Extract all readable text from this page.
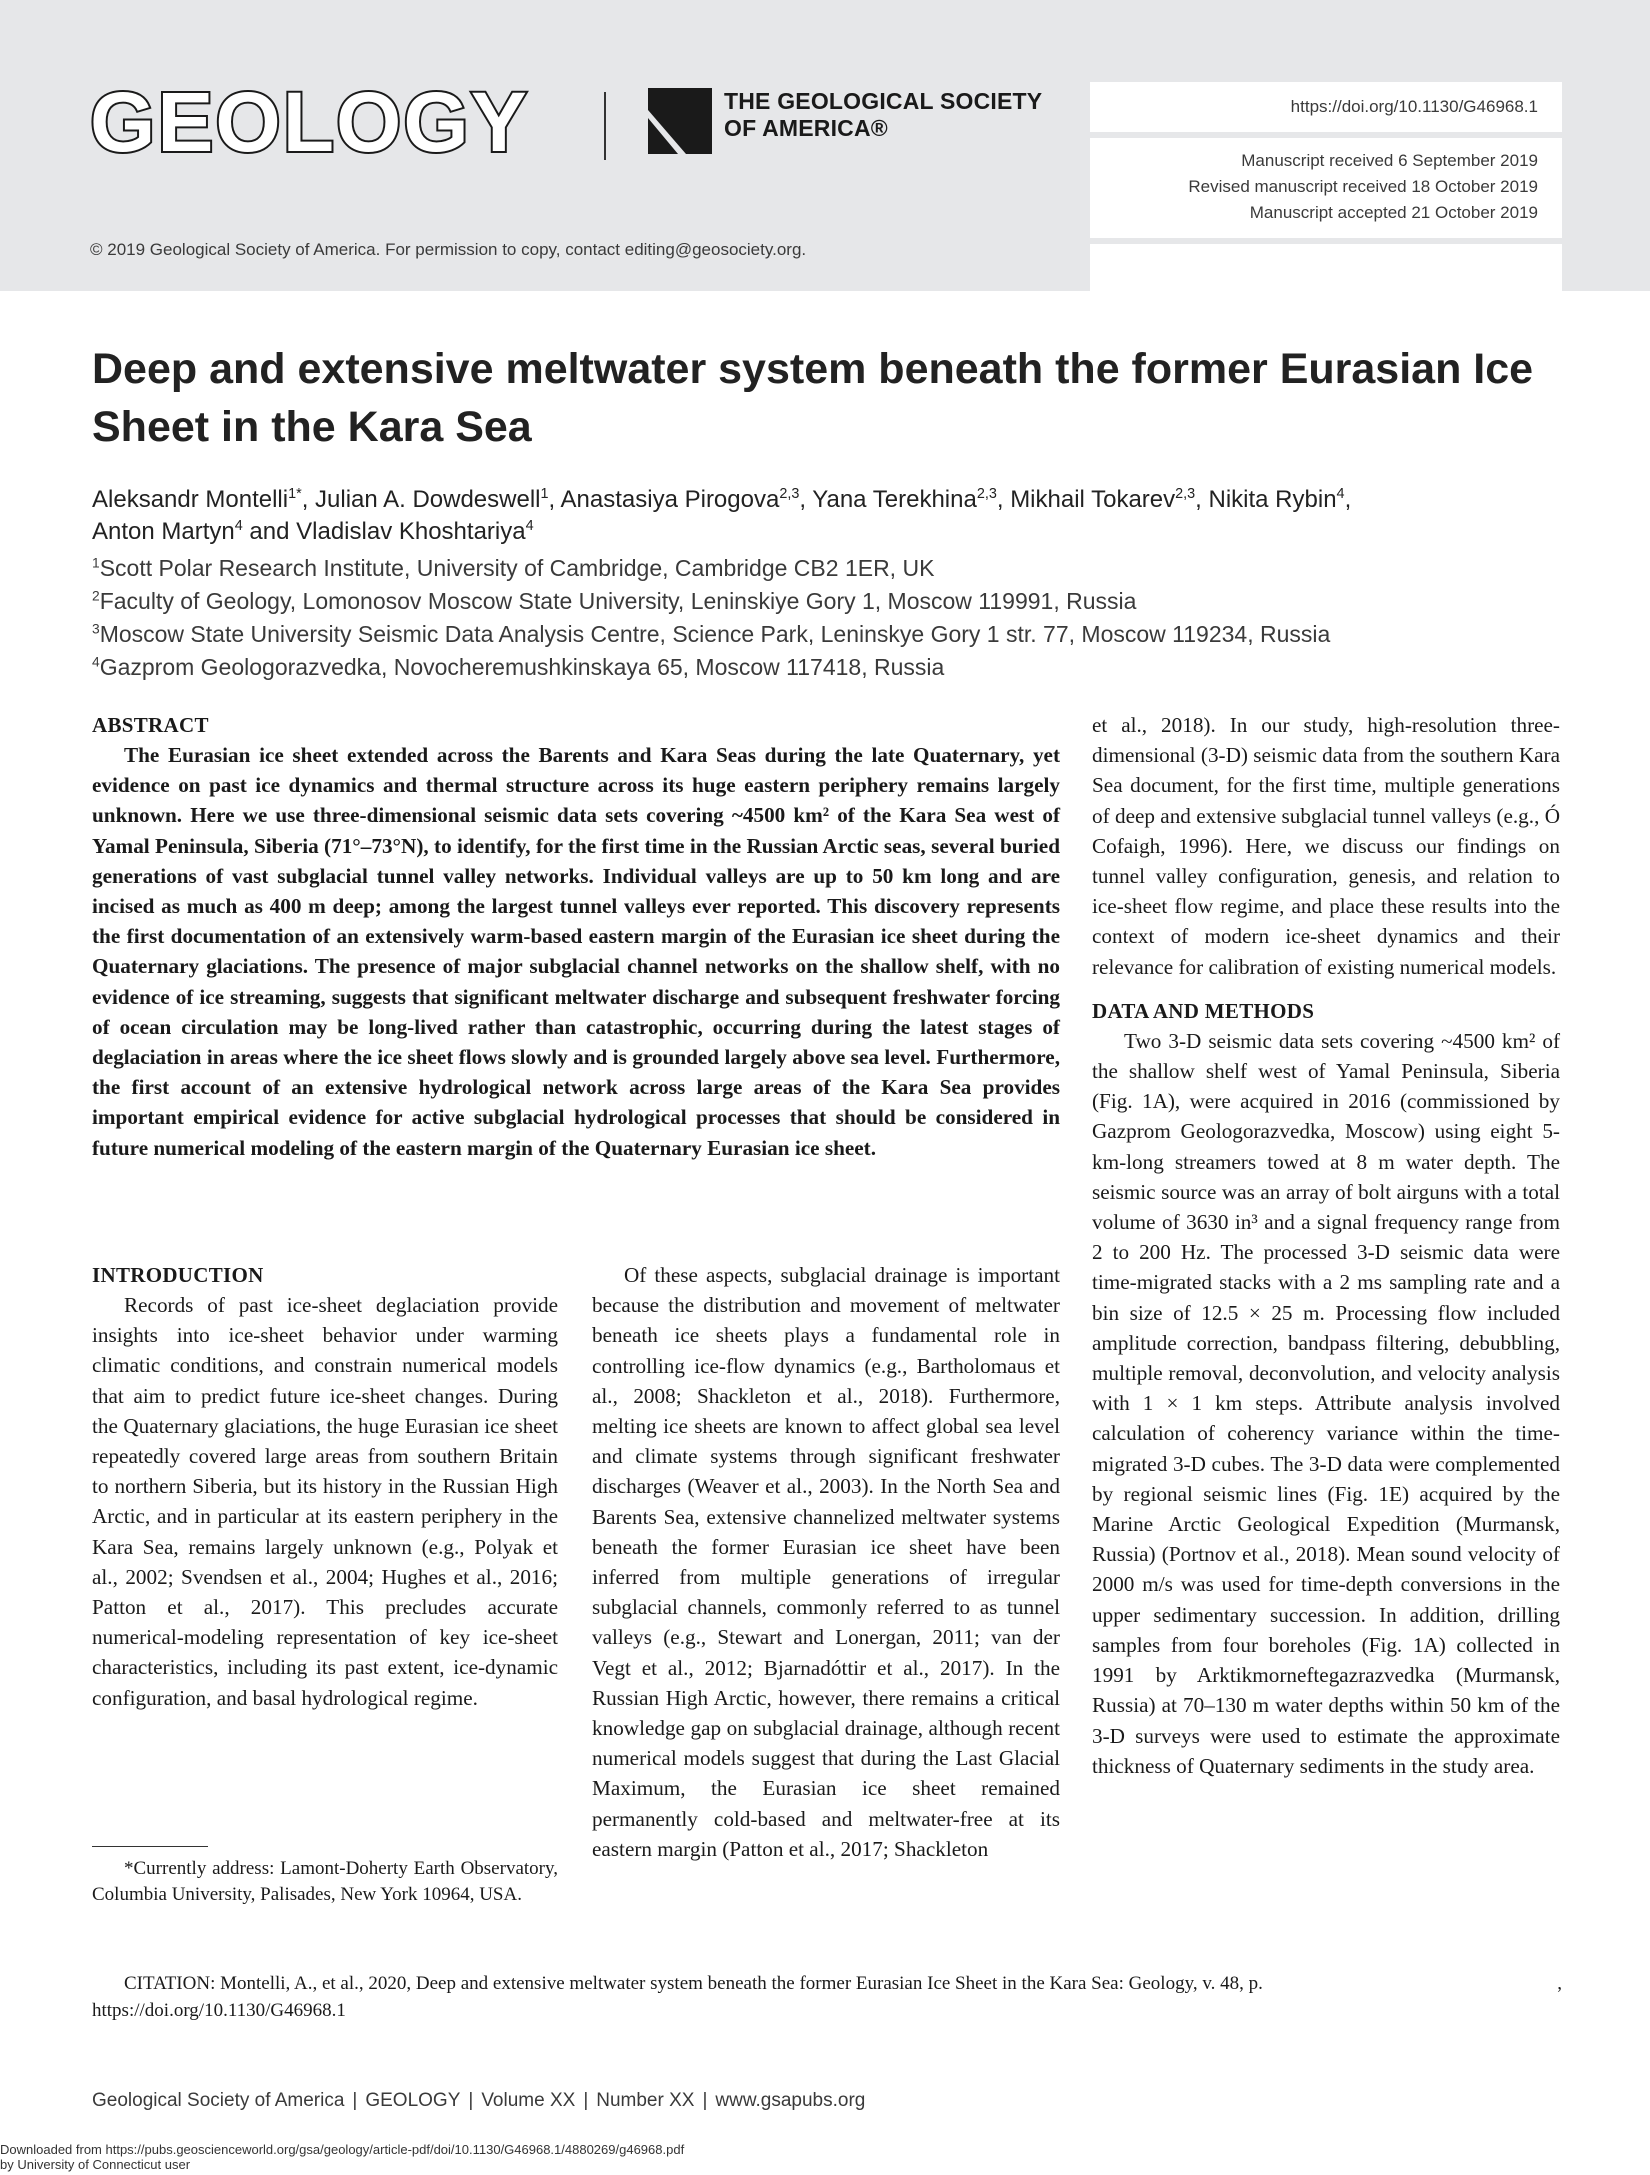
GEOLOGY	THE GEOLOGICAL SOCIETY
OF AMERICA®
© 2019 Geological Society of America. For permission to copy, contact editing@geosociety.org.
https://doi.org/10.1130/G46968.1
Manuscript received 6 September 2019
Revised manuscript received 18 October 2019
Manuscript accepted 21 October 2019
Deep and extensive meltwater system beneath the former Eurasian Ice Sheet in the Kara Sea
Aleksandr Montelli$^{1*}$, Julian A. Dowdeswell$^1$, Anastasiya Pirogova$^{2,3}$, Yana Terekhina$^{2,3}$, Mikhail Tokarev$^{2,3}$, Nikita Rybin$^4$,
Anton Martyn$^4$ and Vladislav Khoshtariya$^4$
$^1$Scott Polar Research Institute, University of Cambridge, Cambridge CB2 1ER, UK
$^2$Faculty of Geology, Lomonosov Moscow State University, Leninskiye Gory 1, Moscow 119991, Russia
$^3$Moscow State University Seismic Data Analysis Centre, Science Park, Leninskye Gory 1 str. 77, Moscow 119234, Russia
$^4$Gazprom Geologorazvedka, Novocheremushkinskaya 65, Moscow 117418, Russia
ABSTRACT

The Eurasian ice sheet extended across the Barents and Kara Seas during the late Quaternary, yet evidence on past ice dynamics and thermal structure across its huge eastern periphery remains largely unknown. Here we use three-dimensional seismic data sets covering ~4500 km² of the Kara Sea west of Yamal Peninsula, Siberia (71°–73°N), to identify, for the first time in the Russian Arctic seas, several buried generations of vast subglacial tunnel valley networks. Individual valleys are up to 50 km long and are incised as much as 400 m deep; among the largest tunnel valleys ever reported. This discovery represents the first documentation of an extensively warm-based eastern margin of the Eurasian ice sheet during the Quaternary glaciations. The presence of major subglacial channel networks on the shallow shelf, with no evidence of ice streaming, suggests that significant meltwater discharge and subsequent freshwater forcing of ocean circulation may be long-lived rather than catastrophic, occurring during the latest stages of deglaciation in areas where the ice sheet flows slowly and is grounded largely above sea level. Furthermore, the first account of an extensive hydrological network across large areas of the Kara Sea provides important empirical evidence for active subglacial hydrological processes that should be considered in future numerical modeling of the eastern margin of the Quaternary Eurasian ice sheet.

INTRODUCTION

Records of past ice-sheet deglaciation provide insights into ice-sheet behavior under warming climatic conditions, and constrain numerical models that aim to predict future ice-sheet changes. During the Quaternary glaciations, the huge Eurasian ice sheet repeatedly covered large areas from southern Britain to northern Siberia, but its history in the Russian High Arctic, and in particular at its eastern periphery in the Kara Sea, remains largely unknown (e.g., Polyak et al., 2002; Svendsen et al., 2004; Hughes et al., 2016; Patton et al., 2017). This precludes accurate numerical-modeling representation of key ice-sheet characteristics, including its past extent, ice-dynamic configuration, and basal hydrological regime.

Of these aspects, subglacial drainage is important because the distribution and movement of meltwater beneath ice sheets plays a fundamental role in controlling ice-flow dynamics (e.g., Bartholomaus et al., 2008; Shackleton et al., 2018). Furthermore, melting ice sheets are known to affect global sea level and climate systems through significant freshwater discharges (Weaver et al., 2003). In the North Sea and Barents Sea, extensive channelized meltwater systems beneath the former Eurasian ice sheet have been inferred from multiple generations of irregular subglacial channels, commonly referred to as tunnel valleys (e.g., Stewart and Lonergan, 2011; van der Vegt et al., 2012; Bjarnadóttir et al., 2017). In the Russian High Arctic, however, there remains a critical knowledge gap on subglacial drainage, although recent numerical models suggest that during the Last Glacial Maximum, the Eurasian ice sheet remained permanently cold-based and meltwater-free at its eastern margin (Patton et al., 2017; Shackleton

et al., 2018). In our study, high-resolution three-dimensional (3-D) seismic data from the southern Kara Sea document, for the first time, multiple generations of deep and extensive subglacial tunnel valleys (e.g., Ó Cofaigh, 1996). Here, we discuss our findings on tunnel valley configuration, genesis, and relation to ice-sheet flow regime, and place these results into the context of modern ice-sheet dynamics and their relevance for calibration of existing numerical models.

DATA AND METHODS

Two 3-D seismic data sets covering ~4500 km² of the shallow shelf west of Yamal Peninsula, Siberia (Fig. 1A), were acquired in 2016 (commissioned by Gazprom Geologorazvedka, Moscow) using eight 5-km-long streamers towed at 8 m water depth. The seismic source was an array of bolt airguns with a total volume of 3630 in³ and a signal frequency range from 2 to 200 Hz. The processed 3-D seismic data were time-migrated stacks with a 2 ms sampling rate and a bin size of 12.5 × 25 m. Processing flow included amplitude correction, bandpass filtering, debubbling, multiple removal, deconvolution, and velocity analysis with 1 × 1 km steps. Attribute analysis involved calculation of coherency variance within the time-migrated 3-D cubes. The 3-D data were complemented by regional seismic lines (Fig. 1E) acquired by the Marine Arctic Geological Expedition (Murmansk, Russia) (Portnov et al., 2018). Mean sound velocity of 2000 m/s was used for time-depth conversions in the upper sedimentary succession. In addition, drilling samples from four boreholes (Fig. 1A) collected in 1991 by Arktikmorneftegazrazvedka (Murmansk, Russia) at 70–130 m water depths within 50 km of the 3-D surveys were used to estimate the approximate thickness of Quaternary sediments in the study area.

*Currently address: Lamont-Doherty Earth Observatory, Columbia University, Palisades, New York 10964, USA.
CITATION: Montelli, A., et al., 2020, Deep and extensive meltwater system beneath the former Eurasian Ice Sheet in the Kara Sea: Geology, v. 48, p.	,
https://doi.org/10.1130/G46968.1
Geological Society of America | GEOLOGY | Volume XX | Number XX | www.gsapubs.org
Downloaded from https://pubs.geoscienceworld.org/gsa/geology/article-pdf/doi/10.1130/G46968.1/4880269/g46968.pdf
by University of Connecticut user
